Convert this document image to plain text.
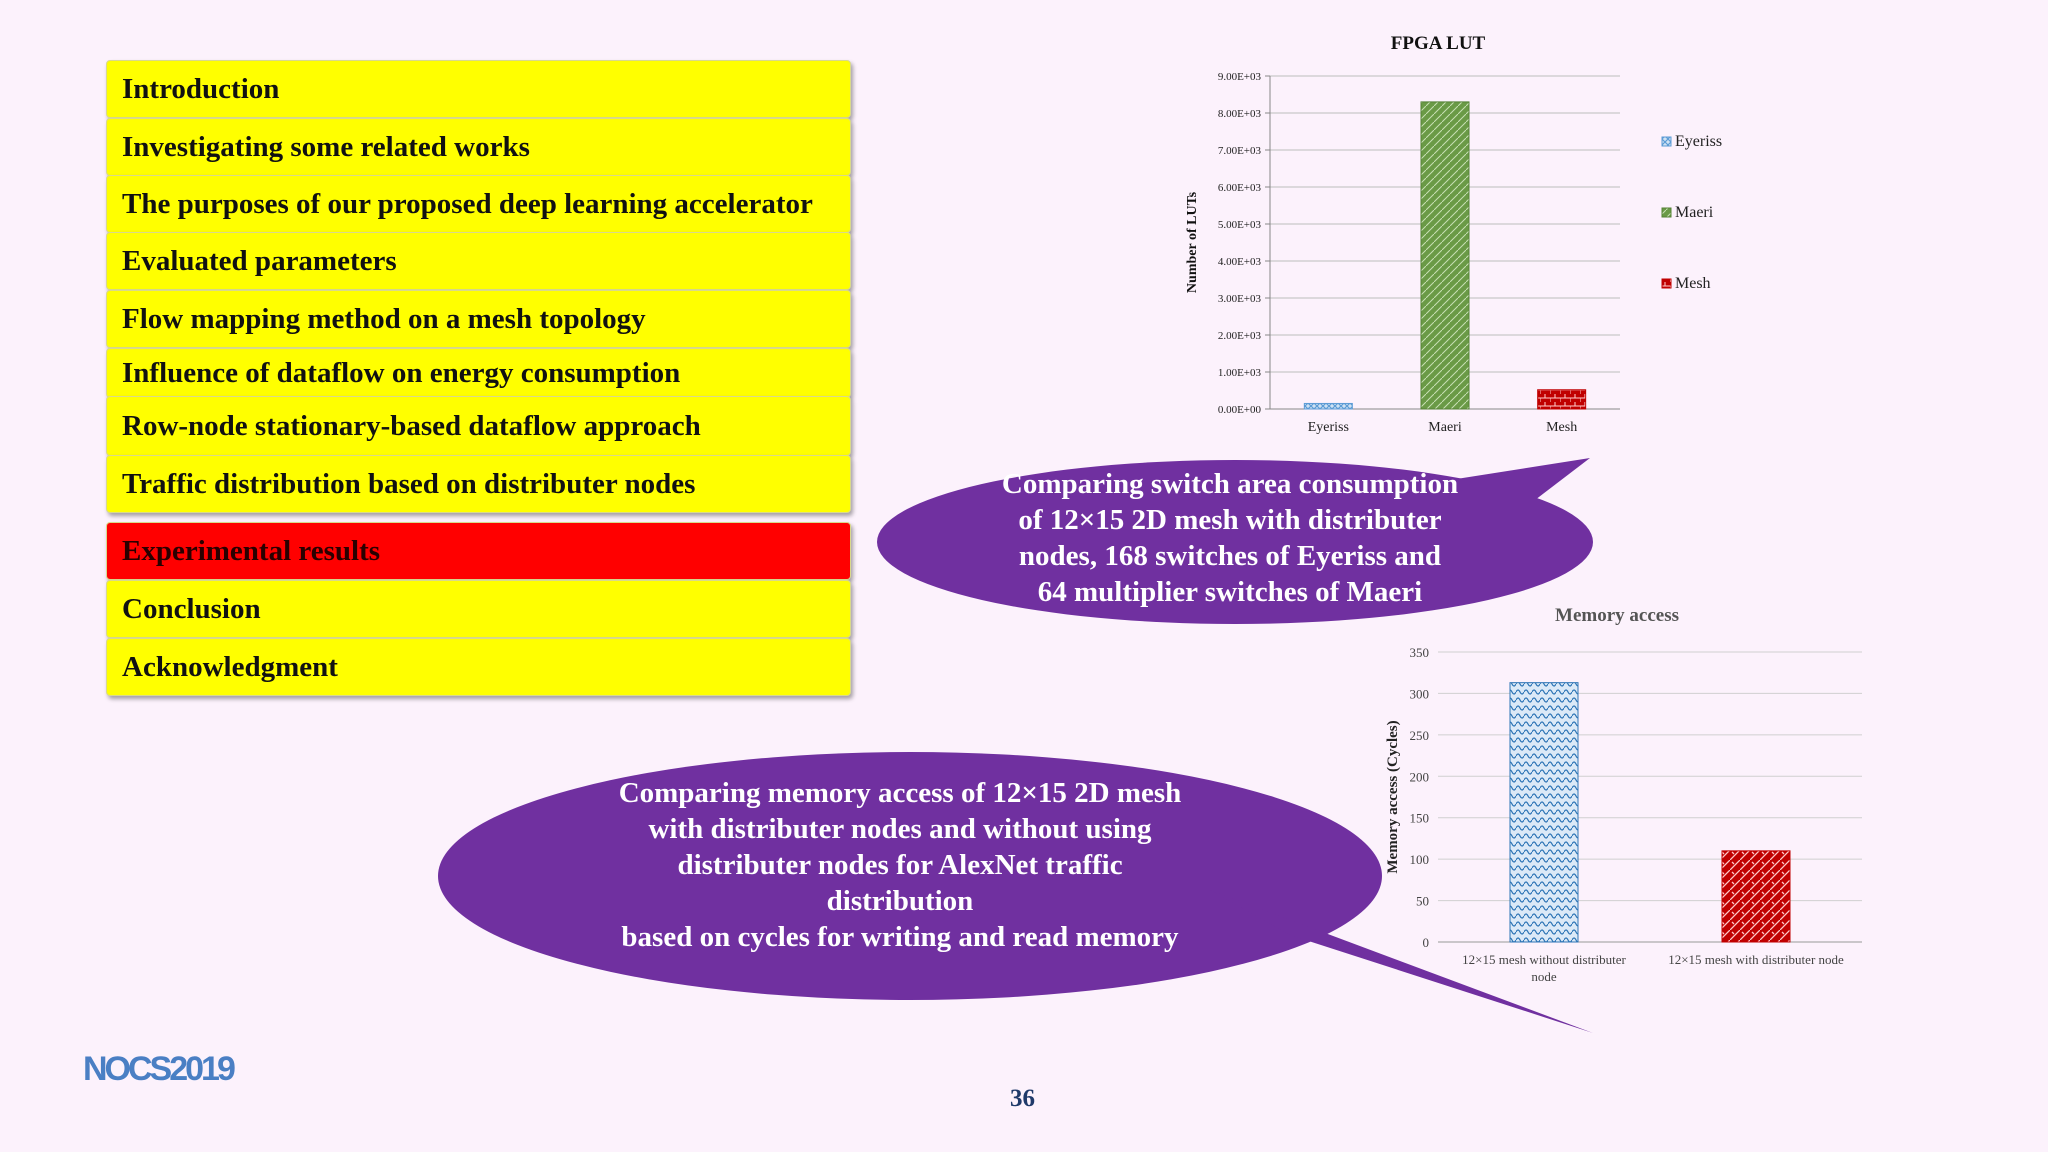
Introduction
Investigating some related works
The purposes of our proposed deep learning accelerator
Evaluated parameters
Flow mapping method on a mesh topology
Influence of dataflow on energy consumption
Row-node stationary-based dataflow approach
Traffic distribution based on distributer nodes
Experimental results
Conclusion
Acknowledgment
Comparing switch area consumption
of 12×15 2D mesh with distributer
nodes, 168 switches of Eyeriss and
64 multiplier switches of Maeri
Comparing memory access of 12×15 2D mesh
with distributer nodes and without using
distributer nodes for AlexNet traffic
distribution
based on cycles for writing and read memory
FPGA LUT
0.00E+00
1.00E+03
2.00E+03
3.00E+03
4.00E+03
5.00E+03
6.00E+03
7.00E+03
8.00E+03
9.00E+03
Number of LUTs
Eyeriss	Maeri	Mesh
Eyeriss
Maeri
Mesh
Memory access
0
50
100
150
200
250
300
350
Memory access (Cycles)
12×15 mesh without distributer
node
12×15 mesh with distributer node
NOCS2019
36
